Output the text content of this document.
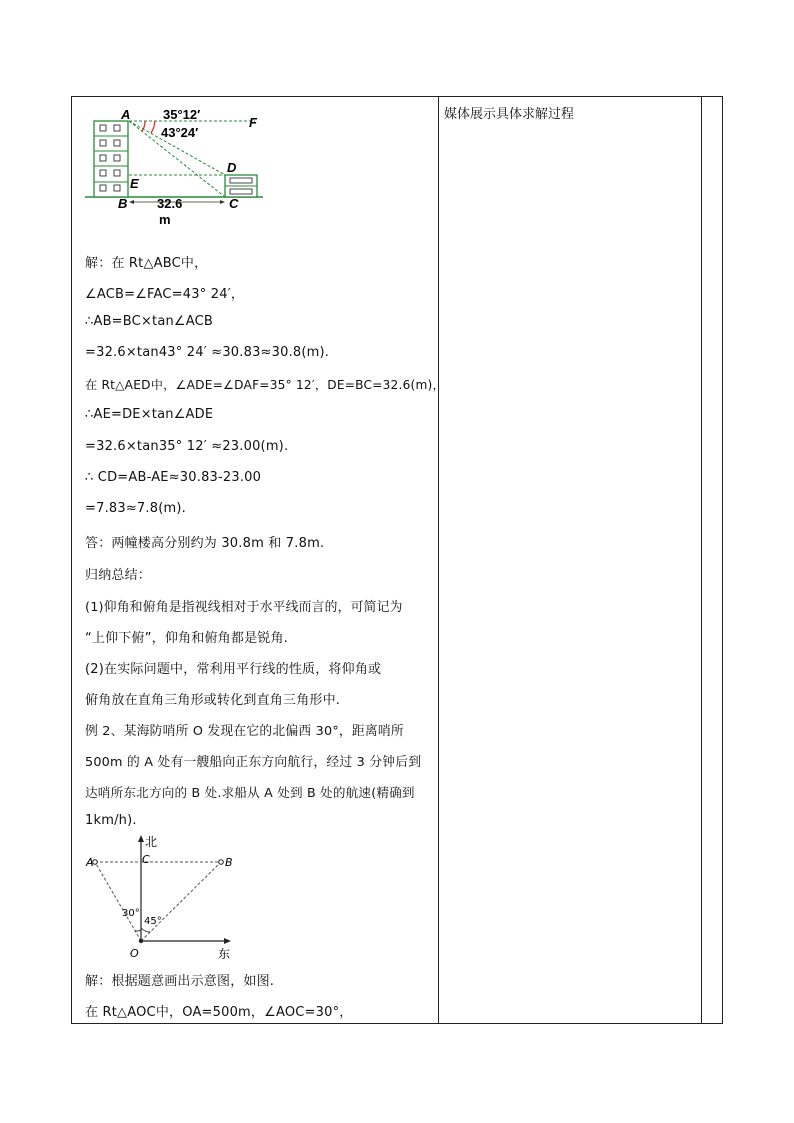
媒体展示具体求解过程
A	35°12′
43°24′
F
D
E
B	C
32.6
m
解：在 Rt△ABC中，
∠ACB=∠FAC=43° 24′，
∴AB=BC×tan∠ACB
=32.6×tan43° 24′ ≈30.83≈30.8(m).
在 Rt△AED中，∠ADE=∠DAF=35° 12′，DE=BC=32.6(m)，
∴AE=DE×tan∠ADE
=32.6×tan35° 12′ ≈23.00(m).
∴ CD=AB-AE≈30.83-23.00
=7.83≈7.8(m).
答：两幢楼高分别约为 30.8m 和 7.8m.
归纳总结：
(1)仰角和俯角是指视线相对于水平线而言的，可简记为
“上仰下俯”，仰角和俯角都是锐角.
(2)在实际问题中，常利用平行线的性质，将仰角或
俯角放在直角三角形或转化到直角三角形中.
例 2、某海防哨所 O 发现在它的北偏西 30°，距离哨所
500m 的 A 处有一艘船向正东方向航行，经过 3 分钟后到
达哨所东北方向的 B 处.求船从 A 处到 B 处的航速(精确到
1km/h).
北
东
A	B
C
O
30°
45°
解：根据题意画出示意图，如图.
在 Rt△AOC中，OA=500m，∠AOC=30°，
